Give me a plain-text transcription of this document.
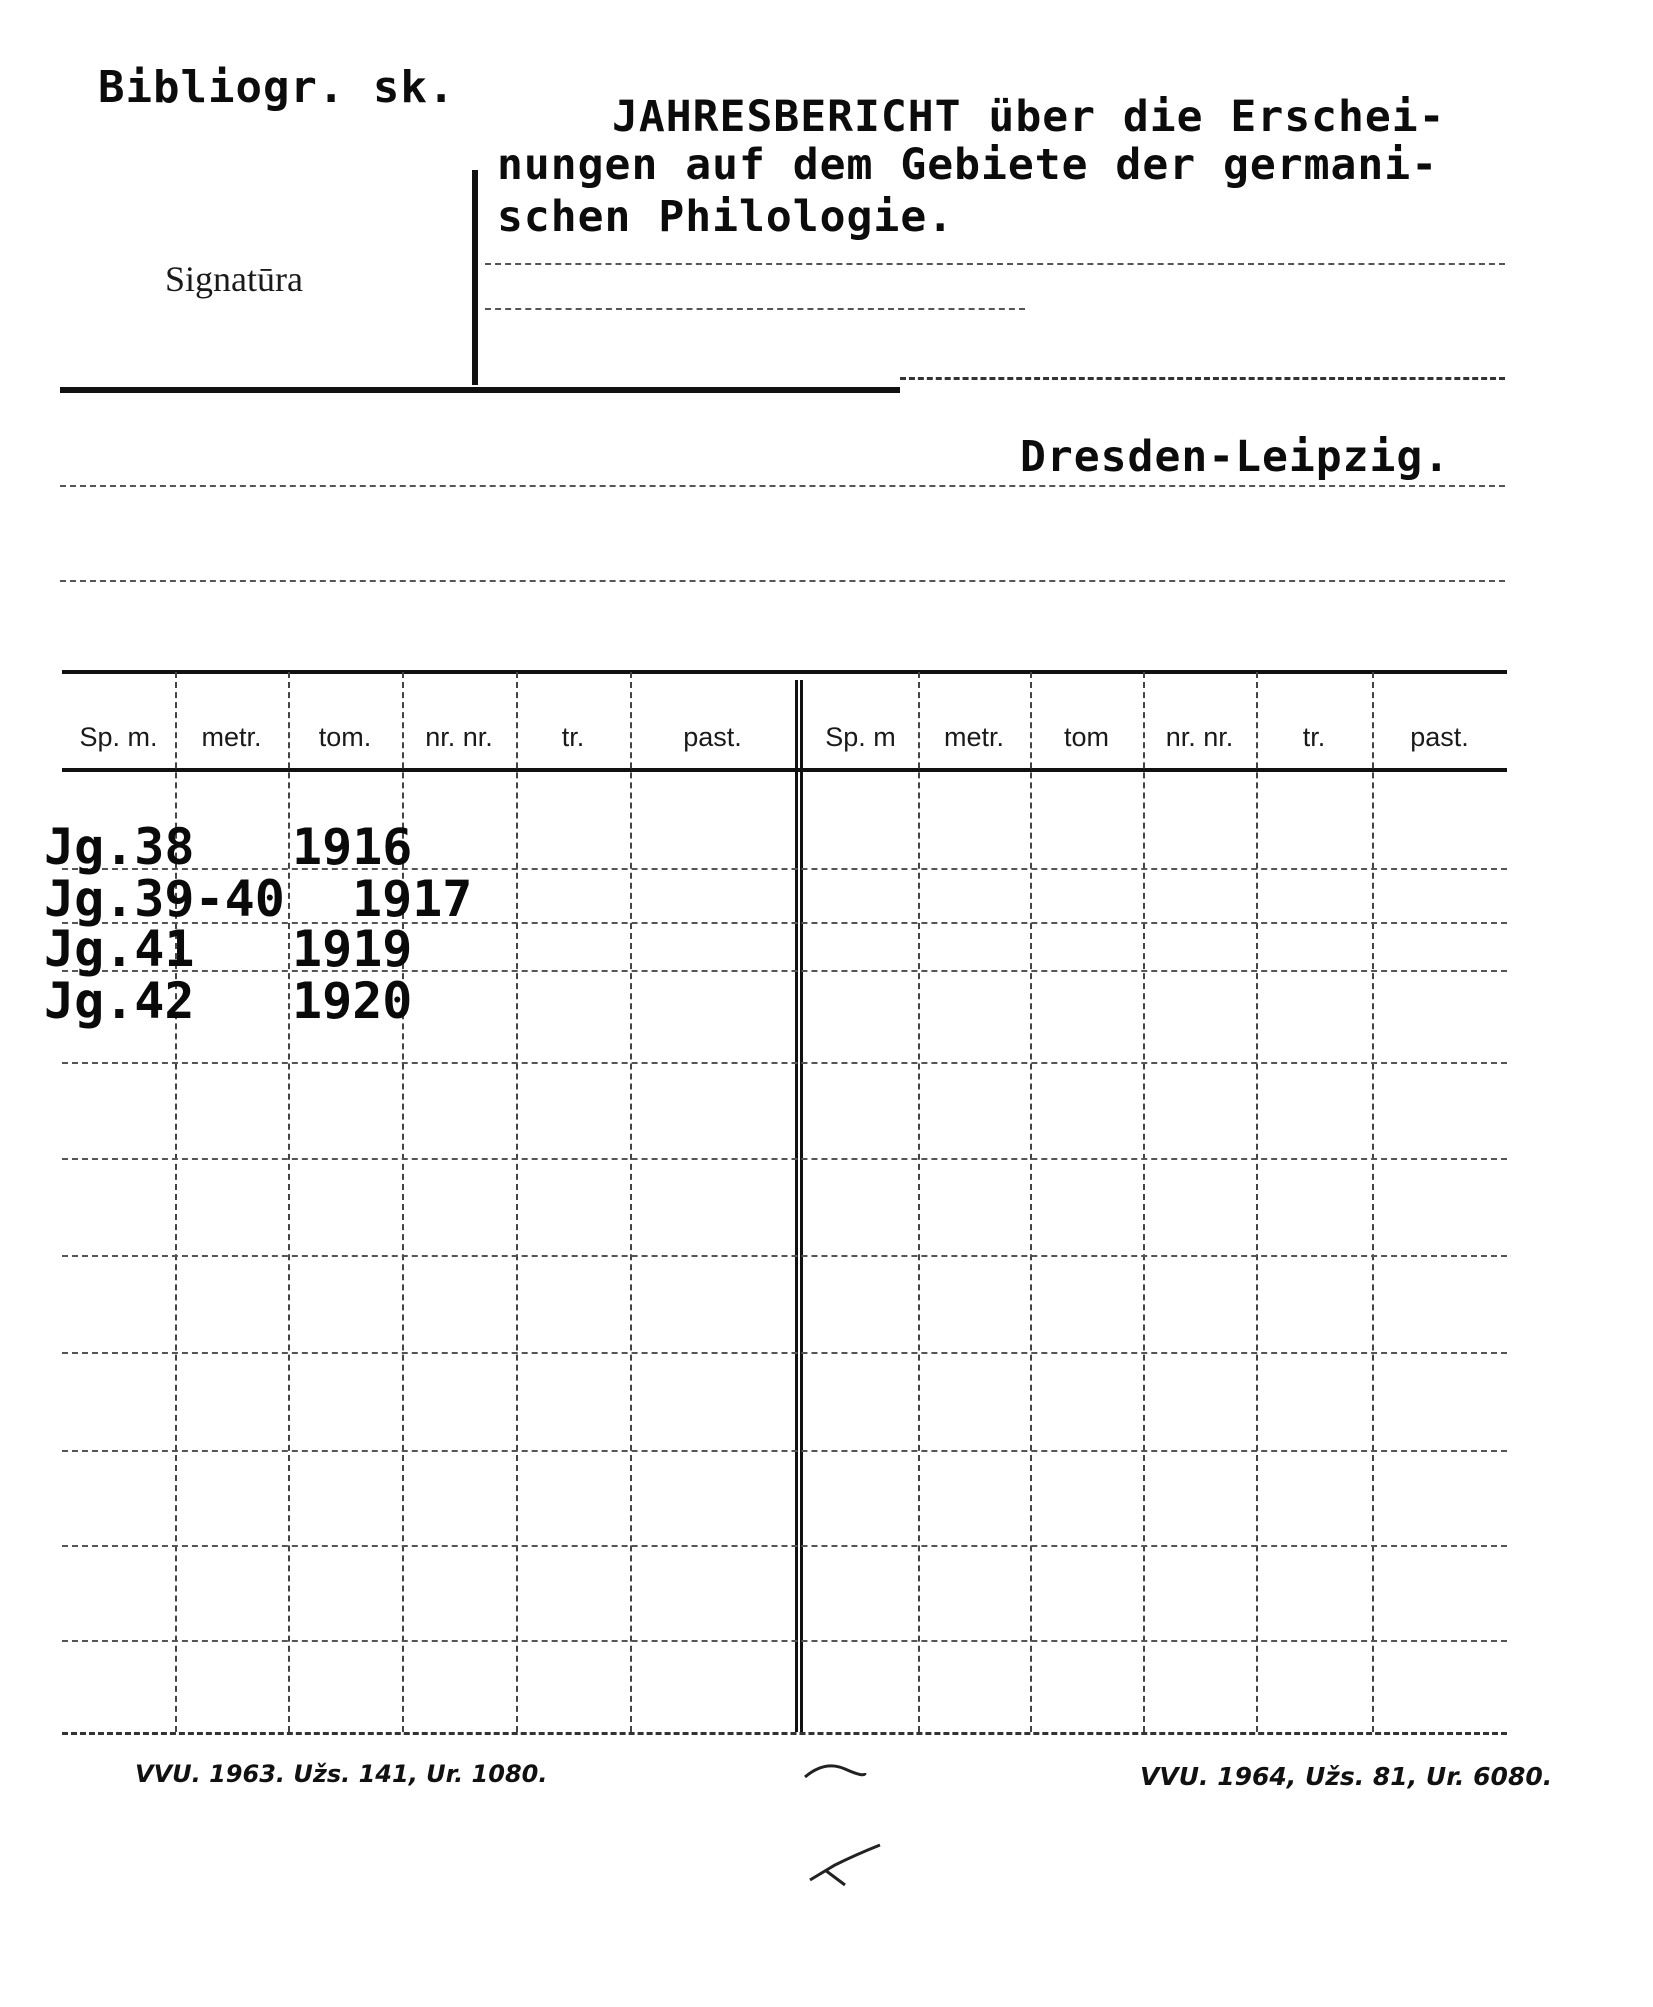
Bibliogr. sk.
Signatūra
JAHRESBERICHT über die Erschei-
nungen auf dem Gebiete der germani-
schen Philologie.
Dresden-Leipzig.
Sp. m.	metr.	tom.	nr. nr.	tr.	past.	Sp. m	metr.	tom	nr. nr.	tr.	past.
Jg.38 1916
Jg.39-40 1917
Jg.41 1919
Jg.42 1920
VVU. 1963. Užs. 141, Ur. 1080.	VVU. 1964, Užs. 81, Ur. 6080.
